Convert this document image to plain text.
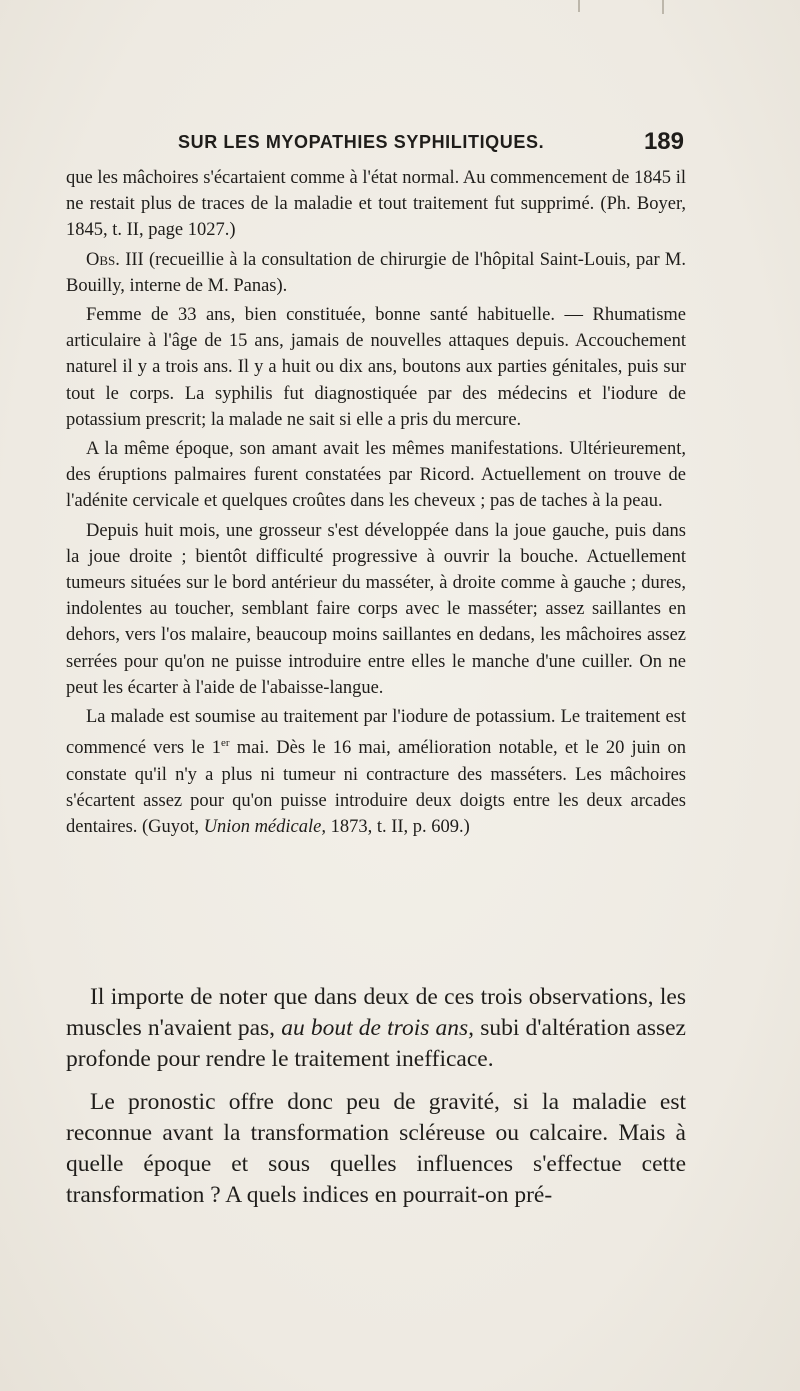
SUR LES MYOPATHIES SYPHILITIQUES.	189

que les mâchoires s'écartaient comme à l'état normal. Au commencement de 1845 il ne restait plus de traces de la maladie et tout traitement fut supprimé. (Ph. Boyer, 1845, t. II, page 1027.)

Obs. III (recueillie à la consultation de chirurgie de l'hôpital Saint-Louis, par M. Bouilly, interne de M. Panas).

Femme de 33 ans, bien constituée, bonne santé habituelle. — Rhumatisme articulaire à l'âge de 15 ans, jamais de nouvelles attaques depuis. Accouchement naturel il y a trois ans. Il y a huit ou dix ans, boutons aux parties génitales, puis sur tout le corps. La syphilis fut diagnostiquée par des médecins et l'iodure de potassium prescrit; la malade ne sait si elle a pris du mercure.

A la même époque, son amant avait les mêmes manifestations. Ultérieurement, des éruptions palmaires furent constatées par Ricord. Actuellement on trouve de l'adénite cervicale et quelques croûtes dans les cheveux ; pas de taches à la peau.

Depuis huit mois, une grosseur s'est développée dans la joue gauche, puis dans la joue droite ; bientôt difficulté progressive à ouvrir la bouche. Actuellement tumeurs situées sur le bord antérieur du masséter, à droite comme à gauche ; dures, indolentes au toucher, semblant faire corps avec le masséter; assez saillantes en dehors, vers l'os malaire, beaucoup moins saillantes en dedans, les mâchoires assez serrées pour qu'on ne puisse introduire entre elles le manche d'une cuiller. On ne peut les écarter à l'aide de l'abaisse-langue.

La malade est soumise au traitement par l'iodure de potassium. Le traitement est commencé vers le 1er mai. Dès le 16 mai, amélioration notable, et le 20 juin on constate qu'il n'y a plus ni tumeur ni contracture des masséters. Les mâchoires s'écartent assez pour qu'on puisse introduire deux doigts entre les deux arcades dentaires. (Guyot, Union médicale, 1873, t. II, p. 609.)

Il importe de noter que dans deux de ces trois observations, les muscles n'avaient pas, au bout de trois ans, subi d'altération assez profonde pour rendre le traitement inefficace.

Le pronostic offre donc peu de gravité, si la maladie est reconnue avant la transformation scléreuse ou calcaire. Mais à quelle époque et sous quelles influences s'effectue cette transformation ? A quels indices en pourrait-on pré-
